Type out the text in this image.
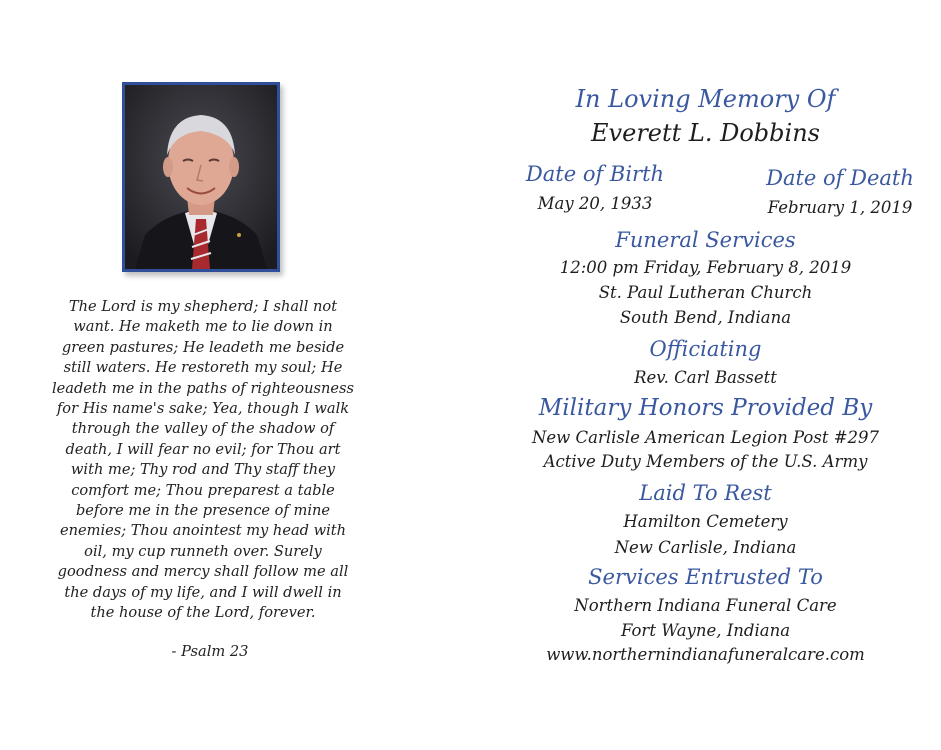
The Lord is my shepherd; I shall not
want. He maketh me to lie down in
green pastures; He leadeth me beside
still waters. He restoreth my soul; He
leadeth me in the paths of righteousness
for His name's sake; Yea, though I walk
through the valley of the shadow of
death, I will fear no evil; for Thou art
with me; Thy rod and Thy staff they
comfort me; Thou preparest a table
before me in the presence of mine
enemies; Thou anointest my head with
oil, my cup runneth over. Surely
goodness and mercy shall follow me all
the days of my life, and I will dwell in
the house of the Lord, forever.
- Psalm 23
In Loving Memory Of
Everett L. Dobbins
Date of Birth
May 20, 1933
Date of Death
February 1, 2019
Funeral Services
12:00 pm Friday, February 8, 2019
St. Paul Lutheran Church
South Bend, Indiana
Officiating
Rev. Carl Bassett
Military Honors Provided By
New Carlisle American Legion Post #297
Active Duty Members of the U.S. Army
Laid To Rest
Hamilton Cemetery
New Carlisle, Indiana
Services Entrusted To
Northern Indiana Funeral Care
Fort Wayne, Indiana
www.northernindianafuneralcare.com
